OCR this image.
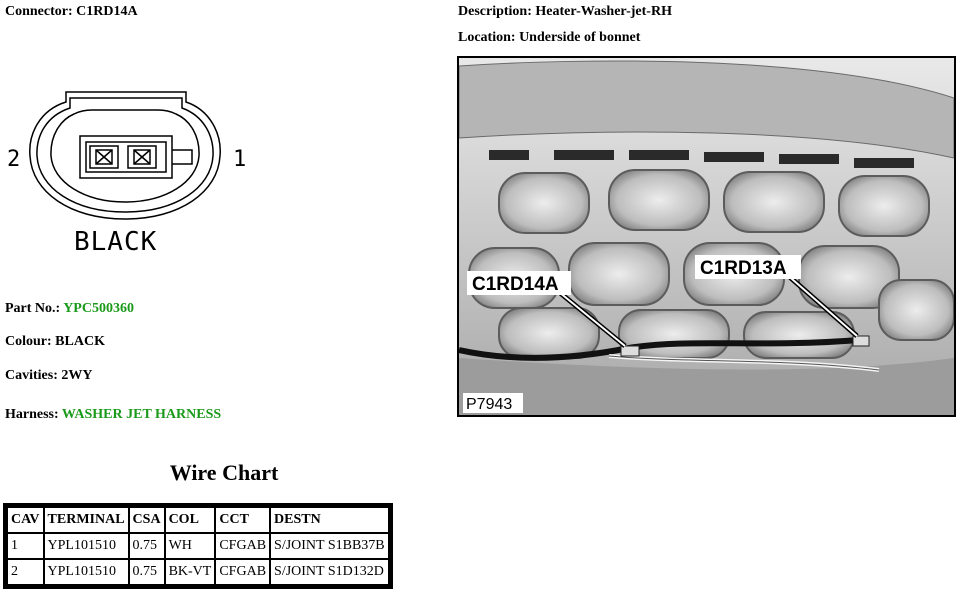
Connector: C1RD14A	Description: Heater-Washer-jet-RH
Location: Underside of bonnet
2	1
BLACK
C1RD14A
C1RD13A
P7943
Part No.: YPC500360
Colour: BLACK
Cavities: 2WY
Harness: WASHER JET HARNESS
Wire Chart
CAV	TERMINAL	CSA	COL	CCT	DESTN
1	YPL101510	0.75	WH	CFGAB	S/JOINT S1BB37B
2	YPL101510	0.75	BK-VT	CFGAB	S/JOINT S1D132D
